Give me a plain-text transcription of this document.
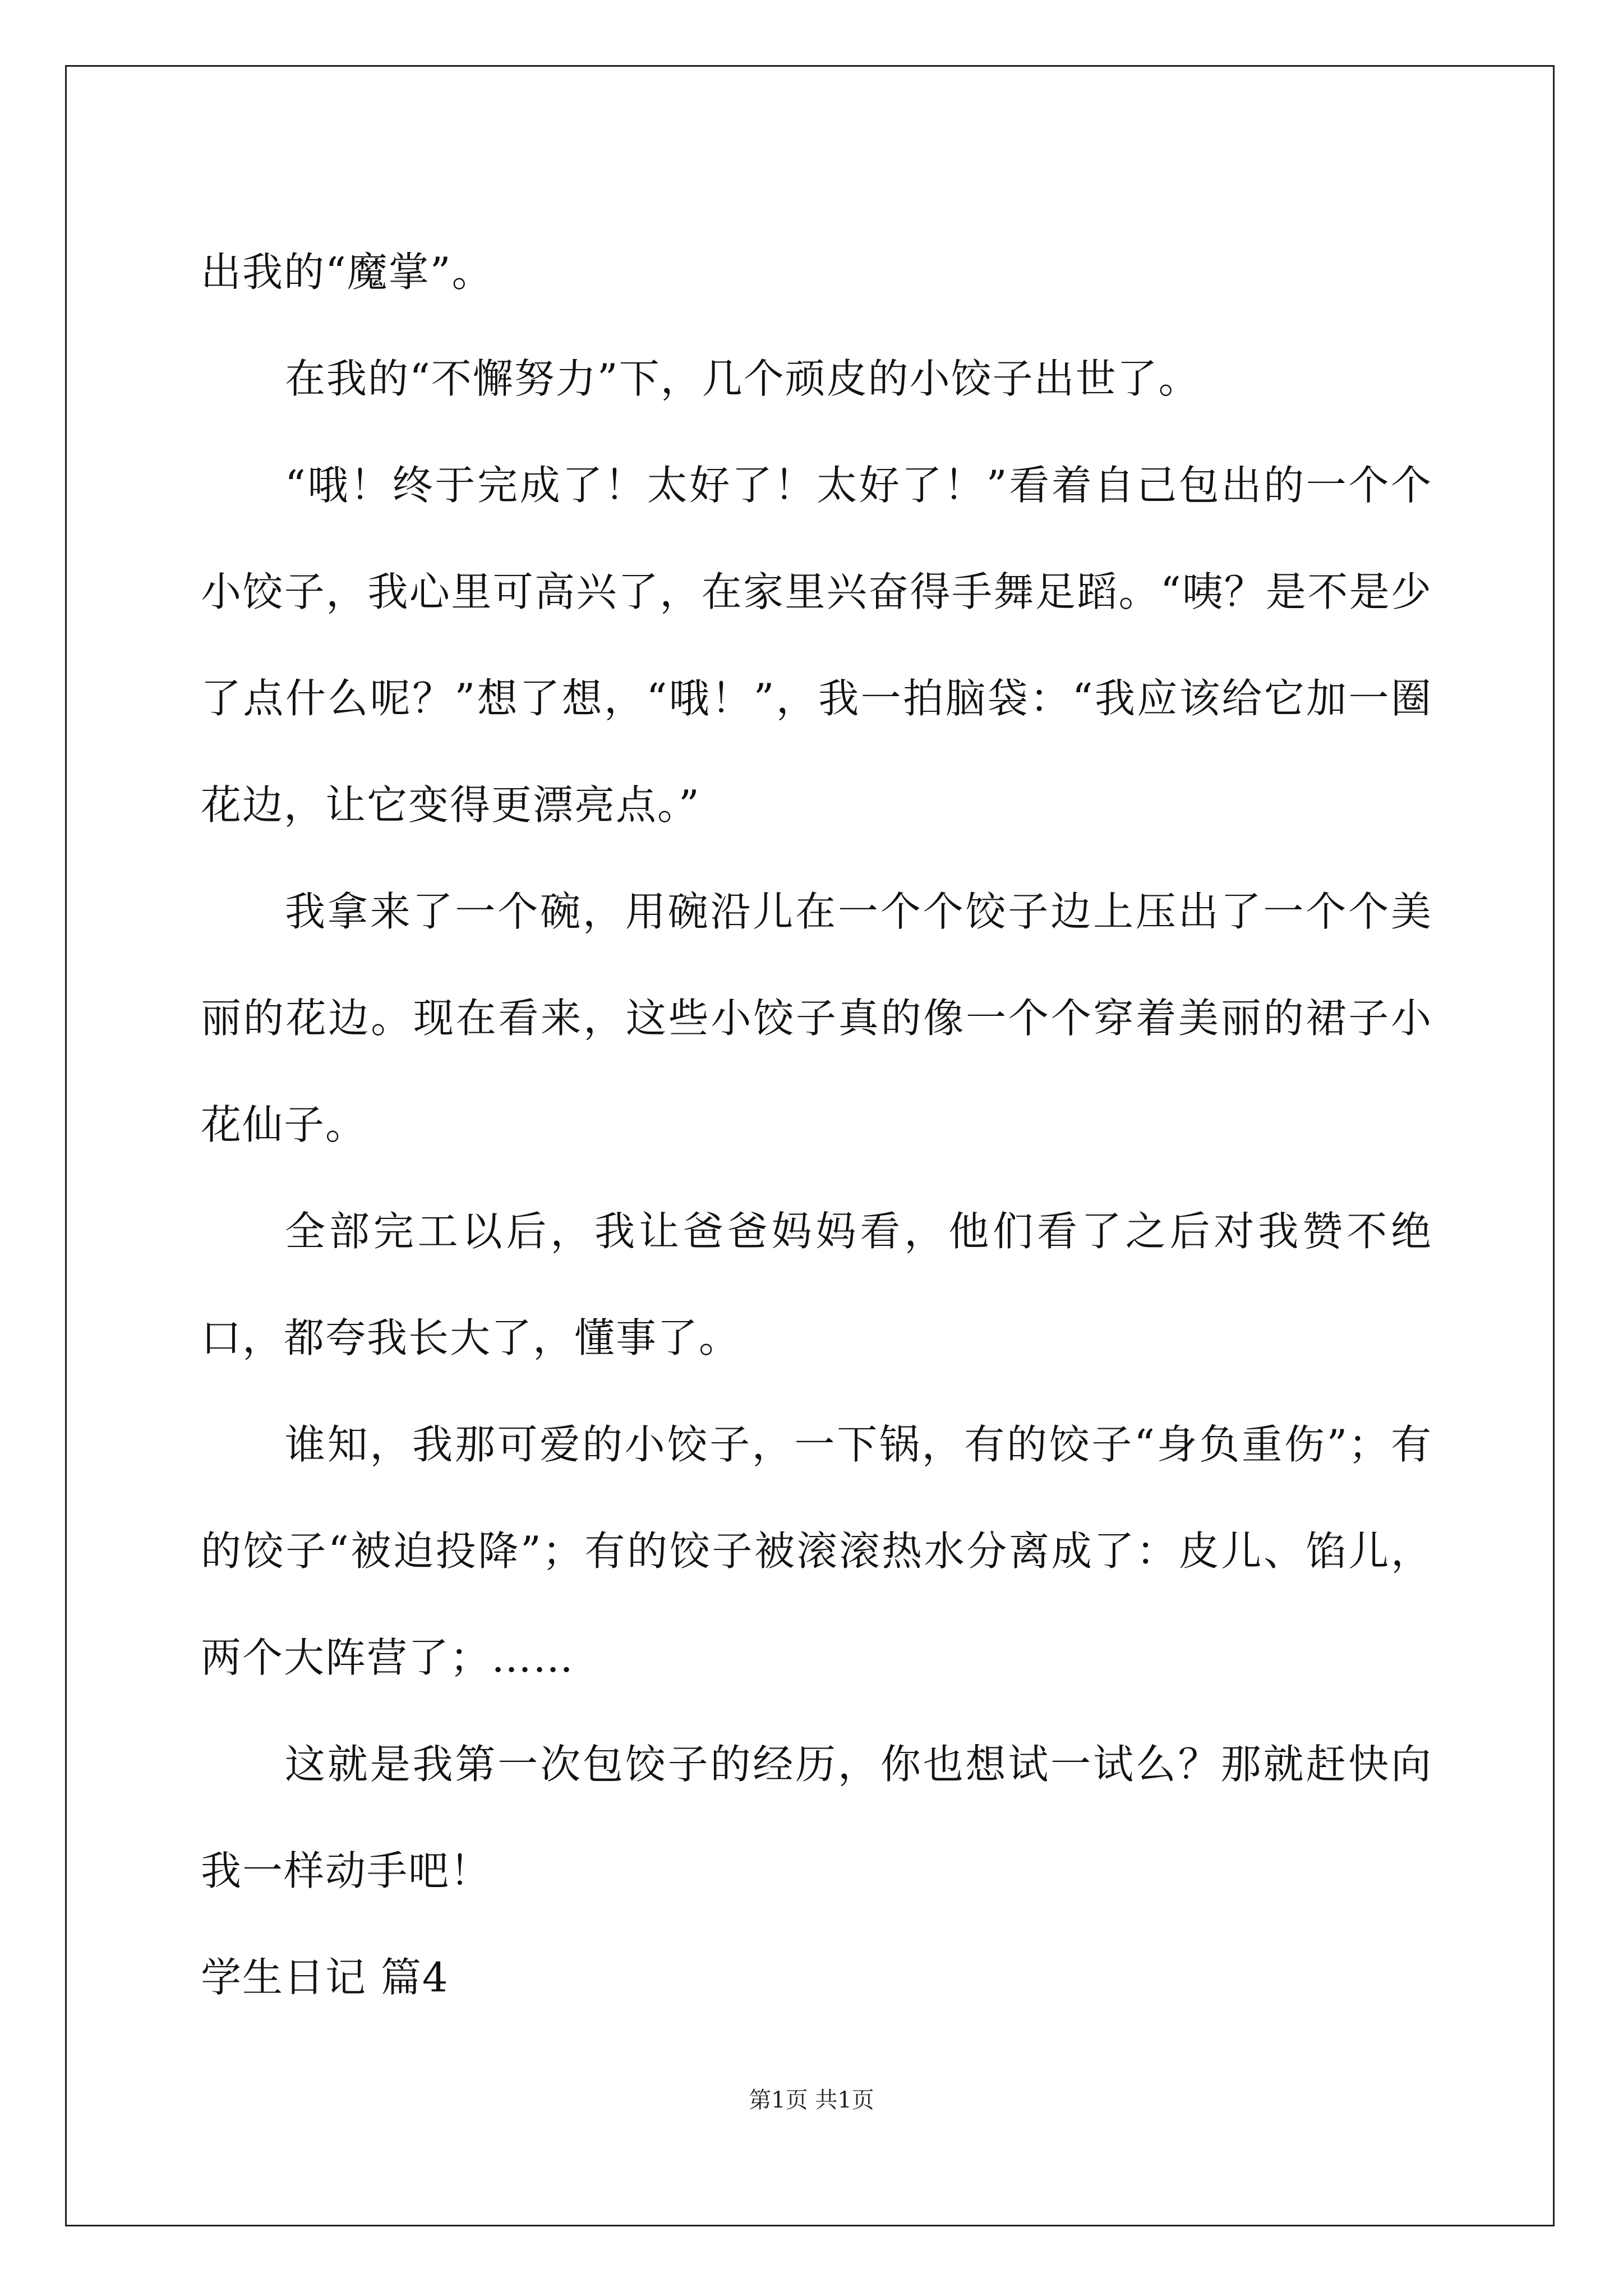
出我的“魔掌”。

在我的“不懈努力”下，几个顽皮的小饺子出世了。

“哦！终于完成了！太好了！太好了！”看着自己包出的一个个小饺子，我心里可高兴了，在家里兴奋得手舞足蹈。“咦？是不是少了点什么呢？”想了想，“哦！”，我一拍脑袋：“我应该给它加一圈花边，让它变得更漂亮点。”

我拿来了一个碗，用碗沿儿在一个个饺子边上压出了一个个美丽的花边。现在看来，这些小饺子真的像一个个穿着美丽的裙子小花仙子。

全部完工以后，我让爸爸妈妈看，他们看了之后对我赞不绝口，都夸我长大了，懂事了。

谁知，我那可爱的小饺子，一下锅，有的饺子“身负重伤”；有的饺子“被迫投降”；有的饺子被滚滚热水分离成了：皮儿、馅儿，两个大阵营了；……

这就是我第一次包饺子的经历，你也想试一试么？那就赶快向我一样动手吧！

学生日记 篇4

第1页 共1页
